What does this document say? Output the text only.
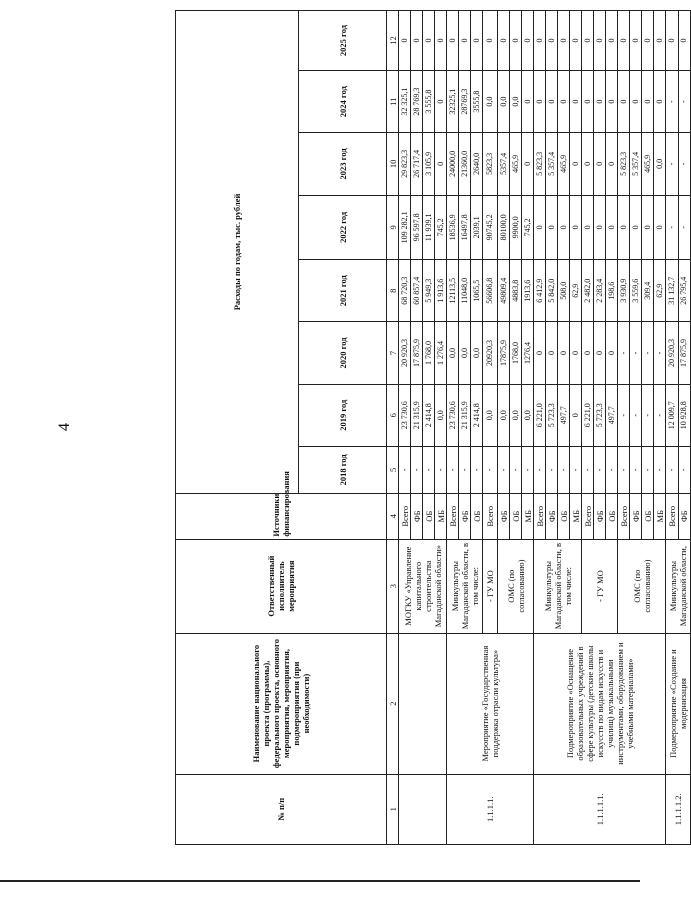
4
№ п/п	Наименование национального проекта (программы), федерального проекта, основного мероприятия, мероприятия, подмероприятия (при необходимости)	Ответственный исполнитель мероприятия	Источники финансирования	Расходы по годам, тыс. рублей							
				2018 год	2019 год	2020 год	2021 год	2022 год	2023 год	2024 год	2025 год
1	2	3	4	5	6	7	8	9	10	11	12
		МОГКУ «Управление капитального строительства Магаданской области»	Всего	-	23 730,6	20 920,3	68 720,3	109 282,1	29 823,3	32 325,1	0
			ФБ	-	21 315,9	17 875,9	60 857,4	96 597,8	26 717,4	28 769,3	0
			ОБ	-	2 414,8	1 768,0	5 949,3	11 939,1	3 105,9	3 555,8	0
			МБ	-	0,0	1 276,4	1 913,6	745,2	0	0	0
1.1.1.1.	Мероприятие «Государственная поддержка отрасли культура»	Минкультуры Магаданской области, в том числе:	Всего	-	23 730,6	0,0	12113,5	18536,9	24000,0	32325,1	0
			ФБ	-	21 315,9	0,0	11048,0	16497,8	21360,0	28769,3	0
			ОБ	-	2 414,8	0,0	1065,5	2039,1	2640,0	3555,8	0
		- ГУ МО	Всего	-	0,0	20920,3	56606,8	90745,2	5823,3	0,0	0
		ОМС (по согласованию)	ФБ	-	0,0	17875,9	49809,4	80100,0	5357,4	0,0	0
			ОБ	-	0,0	1768,0	4883,8	9900,0	465,9	0,0	0
			МБ	-	0,0	1276,4	1913,6	745,2	0	0	0
1.1.1.1.1.	Подмероприятие «Оснащение образовательных учреждений в сфере культуры (детские школы искусств по видам искусств и училищ) музыкальными инструментами, оборудованием и учебными материалами»	Минкультуры Магаданской области, в том числе:	Всего	-	6 221,0	0	6 412,9	0	5 823,3	0	0
			ФБ	-	5 723,3	0	5 842,0	0	5 357,4	0	0
			ОБ	-	497,7	0	508,0	0	465,9	0	0
			МБ	-	0	0	62,9	0	0	0	0
		- ГУ МО	Всего	-	6 221,0	0	2 482,0	0	0	0	0
			ФБ	-	5 723,3	0	2 283,4	0	0	0	0
			ОБ	-	497,7	0	198,6	0	0	0	0
		ОМС (по согласованию)	Всего	-	-	-	3 930,9	0	5 823,3	0	0
			ФБ	-	-	-	3 559,6	0	5 357,4	0	0
			ОБ	-	-	-	309,4	0	465,9	0	0
			МБ	-	-	-	62,9	0	0,0	0	0
1.1.1.1.2.	Подмероприятие «Создание и модернизация	Минкультуры Магаданской области,	Всего	-	12 009,7	20 920,3	31 132,7	-	-	-	0
			ФБ	-	10 928,8	17 875,9	26 795,4	-	-	-	0
